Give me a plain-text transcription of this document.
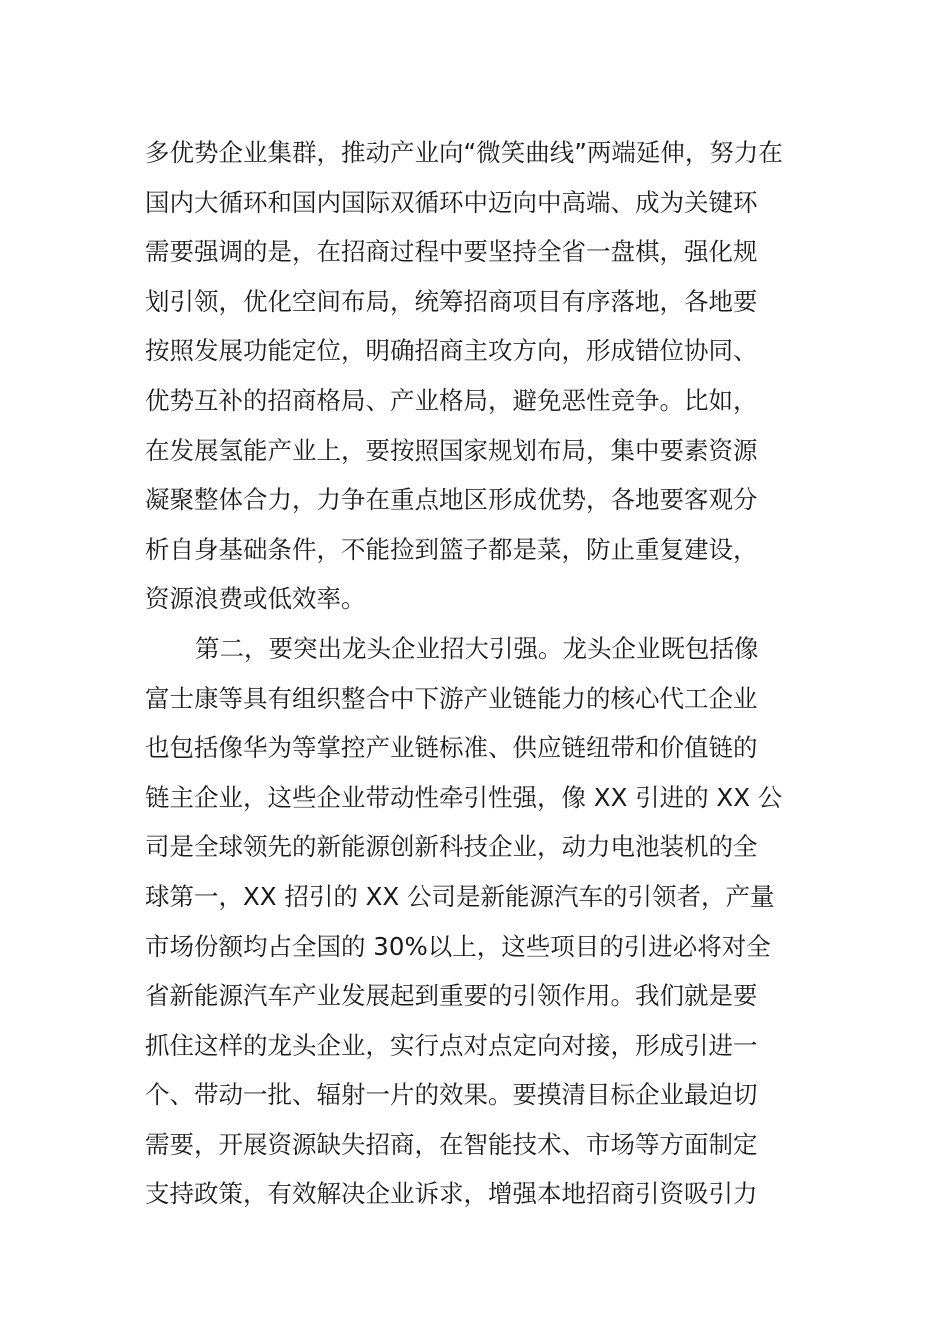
多优势企业集群，推动产业向“微笑曲线”两端延伸，努力在
国内大循环和国内国际双循环中迈向中高端、成为关键环
需要强调的是，在招商过程中要坚持全省一盘棋，强化规
划引领，优化空间布局，统筹招商项目有序落地，各地要
按照发展功能定位，明确招商主攻方向，形成错位协同、
优势互补的招商格局、产业格局，避免恶性竞争。比如，
在发展氢能产业上，要按照国家规划布局，集中要素资源
凝聚整体合力，力争在重点地区形成优势，各地要客观分
析自身基础条件，不能捡到篮子都是菜，防止重复建设，
资源浪费或低效率。
第二，要突出龙头企业招大引强。龙头企业既包括像
富士康等具有组织整合中下游产业链能力的核心代工企业
也包括像华为等掌控产业链标准、供应链纽带和价值链的
链主企业，这些企业带动性牵引性强，像 XX 引进的 XX 公
司是全球领先的新能源创新科技企业，动力电池装机的全
球第一，XX 招引的 XX 公司是新能源汽车的引领者，产量
市场份额均占全国的 30%以上，这些项目的引进必将对全
省新能源汽车产业发展起到重要的引领作用。我们就是要
抓住这样的龙头企业，实行点对点定向对接，形成引进一
个、带动一批、辐射一片的效果。要摸清目标企业最迫切
需要，开展资源缺失招商，在智能技术、市场等方面制定
支持政策，有效解决企业诉求，增强本地招商引资吸引力
